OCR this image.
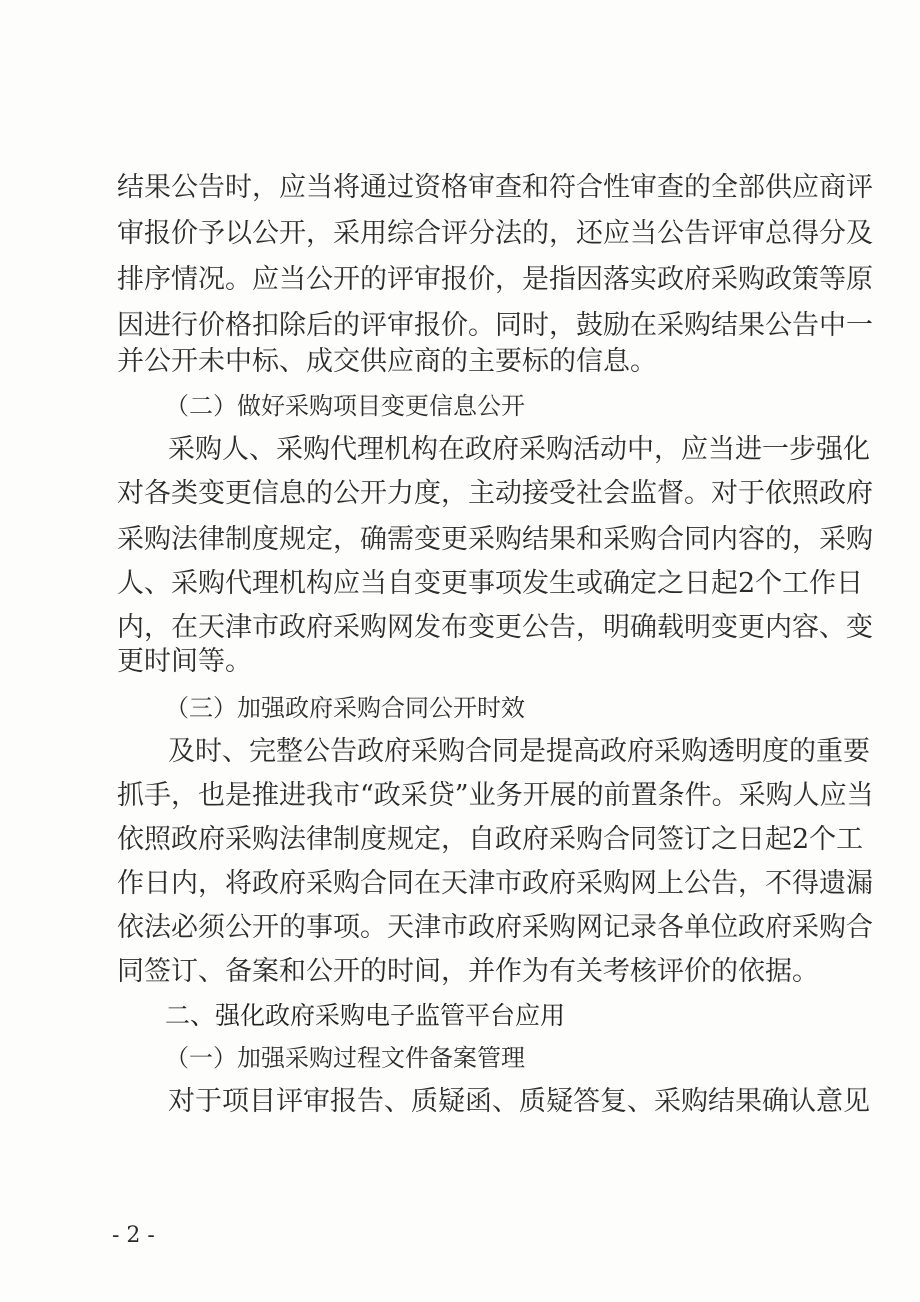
结果公告时，应当将通过资格审查和符合性审查的全部供应商评
审报价予以公开，采用综合评分法的，还应当公告评审总得分及
排序情况。应当公开的评审报价，是指因落实政府采购政策等原
因进行价格扣除后的评审报价。同时，鼓励在采购结果公告中一
并公开未中标、成交供应商的主要标的信息。
（二）做好采购项目变更信息公开
采购人、采购代理机构在政府采购活动中，应当进一步强化
对各类变更信息的公开力度，主动接受社会监督。对于依照政府
采购法律制度规定，确需变更采购结果和采购合同内容的，采购
人、采购代理机构应当自变更事项发生或确定之日起2个工作日
内，在天津市政府采购网发布变更公告，明确载明变更内容、变
更时间等。
（三）加强政府采购合同公开时效
及时、完整公告政府采购合同是提高政府采购透明度的重要
抓手，也是推进我市“政采贷”业务开展的前置条件。采购人应当
依照政府采购法律制度规定，自政府采购合同签订之日起2个工
作日内，将政府采购合同在天津市政府采购网上公告，不得遗漏
依法必须公开的事项。天津市政府采购网记录各单位政府采购合
同签订、备案和公开的时间，并作为有关考核评价的依据。
二、强化政府采购电子监管平台应用
（一）加强采购过程文件备案管理
对于项目评审报告、质疑函、质疑答复、采购结果确认意见
- 2 -
